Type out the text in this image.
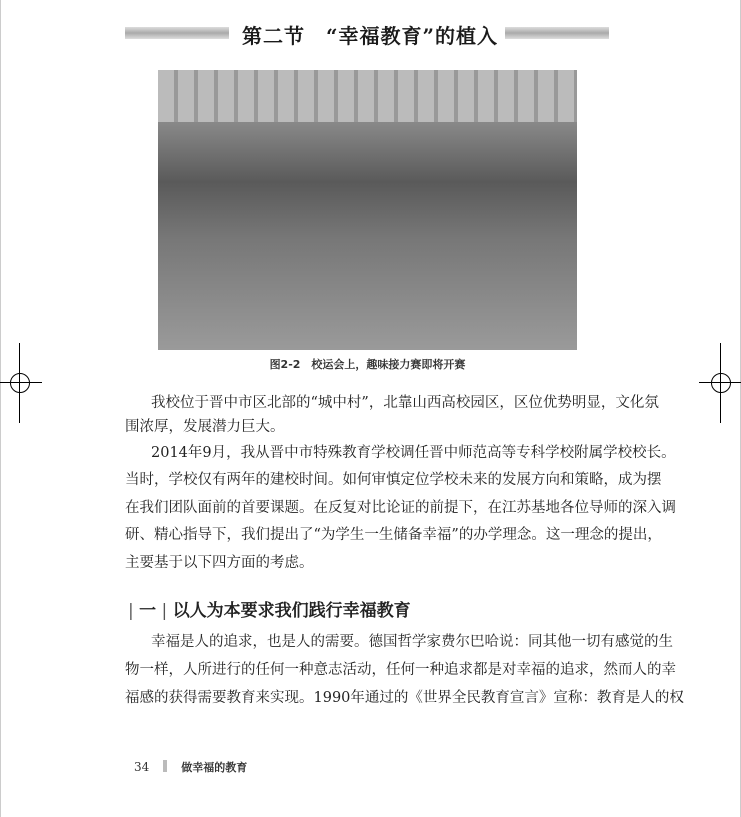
第二节　“幸福教育”的植入
图2-2　校运会上，趣味接力赛即将开赛
我校位于晋中市区北部的“城中村”，北靠山西高校园区，区位优势明显，文化氛
围浓厚，发展潜力巨大。
2014年9月，我从晋中市特殊教育学校调任晋中师范高等专科学校附属学校校长。
当时，学校仅有两年的建校时间。如何审慎定位学校未来的发展方向和策略，成为摆
在我们团队面前的首要课题。在反复对比论证的前提下，在江苏基地各位导师的深入调
研、精心指导下，我们提出了“为学生一生储备幸福”的办学理念。这一理念的提出，
主要基于以下四方面的考虑。
| 一 | 以人为本要求我们践行幸福教育
幸福是人的追求，也是人的需要。德国哲学家费尔巴哈说：同其他一切有感觉的生
物一样，人所进行的任何一种意志活动，任何一种追求都是对幸福的追求，然而人的幸
福感的获得需要教育来实现。1990年通过的《世界全民教育宣言》宣称：教育是人的权
34	做幸福的教育
